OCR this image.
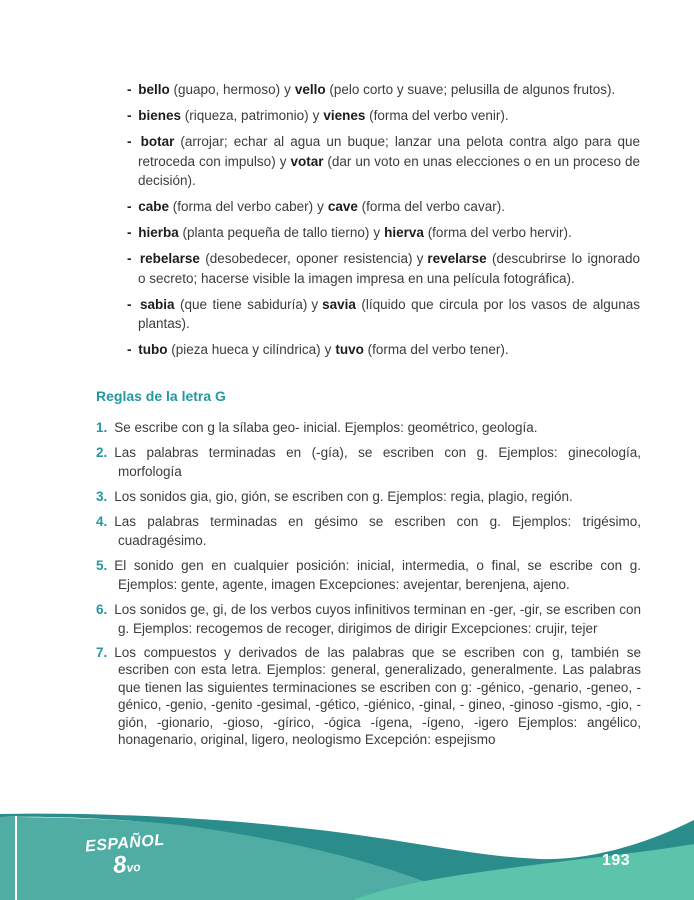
- bello (guapo, hermoso) y vello (pelo corto y suave; pelusilla de algunos frutos).
- bienes (riqueza, patrimonio) y vienes (forma del verbo venir).
- botar (arrojar; echar al agua un buque; lanzar una pelota contra algo para que retroceda con impulso) y votar (dar un voto en unas elecciones o en un proceso de decisión).
- cabe (forma del verbo caber) y cave (forma del verbo cavar).
- hierba (planta pequeña de tallo tierno) y hierva (forma del verbo hervir).
- rebelarse (desobedecer, oponer resistencia) y revelarse (descubrirse lo ignorado o secreto; hacerse visible la imagen impresa en una película fotográfica).
- sabia (que tiene sabiduría) y savia (líquido que circula por los vasos de algunas plantas).
- tubo (pieza hueca y cilíndrica) y tuvo (forma del verbo tener).
Reglas de la letra G
1. Se escribe con g la sílaba geo- inicial. Ejemplos: geométrico, geología.
2. Las palabras terminadas en (-gía), se escriben con g. Ejemplos: ginecología, morfología
3. Los sonidos gia, gio, gión, se escriben con g. Ejemplos: regia, plagio, región.
4. Las palabras terminadas en gésimo se escriben con g. Ejemplos: trigésimo, cuadragésimo.
5. El sonido gen en cualquier posición: inicial, intermedia, o final, se escribe con g. Ejemplos: gente, agente, imagen Excepciones: avejentar, berenjena, ajeno.
6. Los sonidos ge, gi, de los verbos cuyos infinitivos terminan en -ger, -gir, se escriben con g. Ejemplos: recogemos de recoger, dirigimos de dirigir Excepciones: crujir, tejer
7. Los compuestos y derivados de las palabras que se escriben con g, también se escriben con esta letra. Ejemplos: general, generalizado, generalmente. Las palabras que tienen las siguientes terminaciones se escriben con g: -génico, -genario, -geneo, -génico, -genio, -genito -gesimal, -gético, -giénico, -ginal, - gineo, -ginoso -gismo, -gio, -gión, -gionario, -gioso, -gírico, -ógica -ígena, -ígeno, -igero Ejemplos: angélico, honagenario, original, ligero, neologismo Excepción: espejismo
ESPAÑOL
8vo	193
